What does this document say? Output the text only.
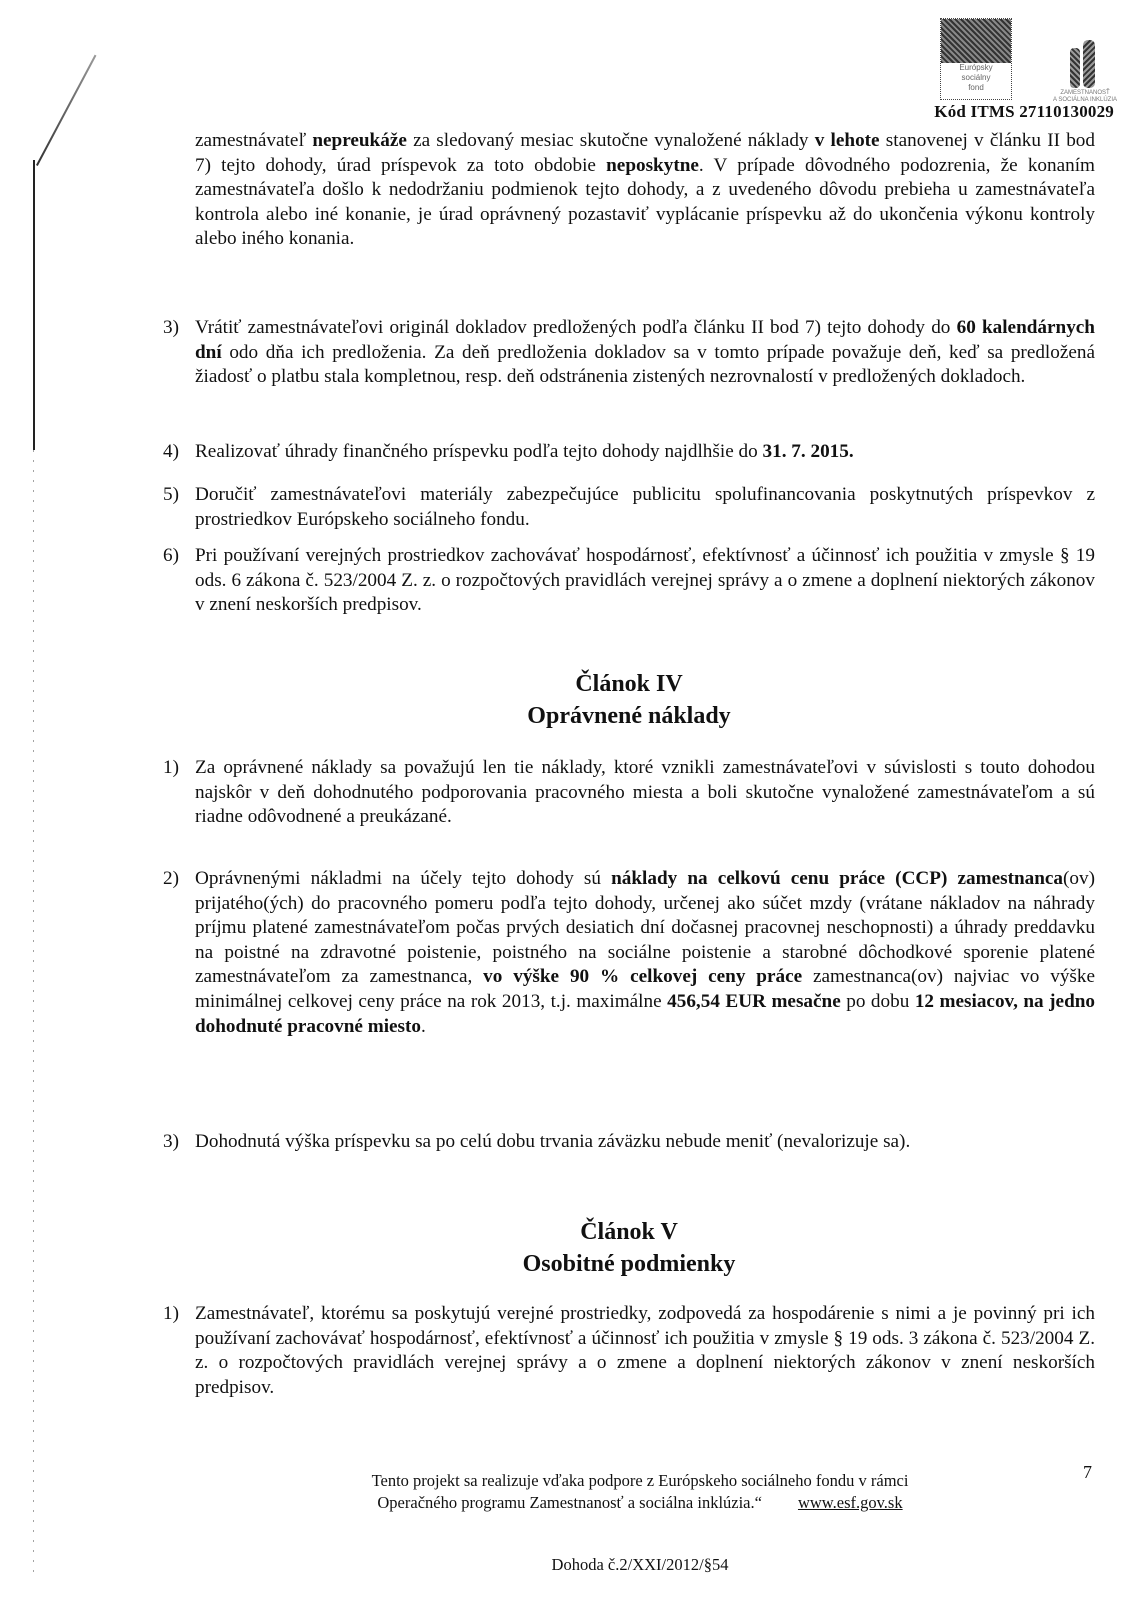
Európsky
sociálny
fond
ZAMESTNANOSŤ
A SOCIÁLNA INKLÚZIA
Kód ITMS 27110130029
zamestnávateľ nepreukáže za sledovaný mesiac skutočne vynaložené náklady v lehote stanovenej v článku II bod 7) tejto dohody, úrad príspevok za toto obdobie neposkytne. V prípade dôvodného podozrenia, že konaním zamestnávateľa došlo k nedodržaniu podmienok tejto dohody, a z uvedeného dôvodu prebieha u zamestnávateľa kontrola alebo iné konanie, je úrad oprávnený pozastaviť vyplácanie príspevku až do ukončenia výkonu kontroly alebo iného konania.
3) Vrátiť zamestnávateľovi originál dokladov predložených podľa článku II bod 7) tejto dohody do 60 kalendárnych dní odo dňa ich predloženia. Za deň predloženia dokladov sa v tomto prípade považuje deň, keď sa predložená žiadosť o platbu stala kompletnou, resp. deň odstránenia zistených nezrovnalostí v predložených dokladoch.
4) Realizovať úhrady finančného príspevku podľa tejto dohody najdlhšie do 31. 7. 2015.
5) Doručiť zamestnávateľovi materiály zabezpečujúce publicitu spolufinancovania poskytnutých príspevkov z prostriedkov Európskeho sociálneho fondu.
6) Pri používaní verejných prostriedkov zachovávať hospodárnosť, efektívnosť a účinnosť ich použitia v zmysle § 19 ods. 6 zákona č. 523/2004 Z. z. o rozpočtových pravidlách verejnej správy a o zmene a doplnení niektorých zákonov v znení neskorších predpisov.
Článok IV
Oprávnené náklady
1) Za oprávnené náklady sa považujú len tie náklady, ktoré vznikli zamestnávateľovi v súvislosti s touto dohodou najskôr v deň dohodnutého podporovania pracovného miesta a boli skutočne vynaložené zamestnávateľom a sú riadne odôvodnené a preukázané.
2) Oprávnenými nákladmi na účely tejto dohody sú náklady na celkovú cenu práce (CCP) zamestnanca(ov) prijatého(ých) do pracovného pomeru podľa tejto dohody, určenej ako súčet mzdy (vrátane nákladov na náhrady príjmu platené zamestnávateľom počas prvých desiatich dní dočasnej pracovnej neschopnosti) a úhrady preddavku na poistné na zdravotné poistenie, poistného na sociálne poistenie a starobné dôchodkové sporenie platené zamestnávateľom za zamestnanca, vo výške 90 % celkovej ceny práce zamestnanca(ov) najviac vo výške minimálnej celkovej ceny práce na rok 2013, t.j. maximálne 456,54 EUR mesačne po dobu 12 mesiacov, na jedno dohodnuté pracovné miesto.
3) Dohodnutá výška príspevku sa po celú dobu trvania záväzku nebude meniť (nevalorizuje sa).
Článok V
Osobitné podmienky
1) Zamestnávateľ, ktorému sa poskytujú verejné prostriedky, zodpovedá za hospodárenie s nimi a je povinný pri ich používaní zachovávať hospodárnosť, efektívnosť a účinnosť ich použitia v zmysle § 19 ods. 3 zákona č. 523/2004 Z. z. o rozpočtových pravidlách verejnej správy a o zmene a doplnení niektorých zákonov v znení neskorších predpisov.
7
Tento projekt sa realizuje vďaka podpore z Európskeho sociálneho fondu v rámci
Operačného programu Zamestnanosť a sociálna inklúzia.“ www.esf.gov.sk
Dohoda č.2/XXI/2012/§54
